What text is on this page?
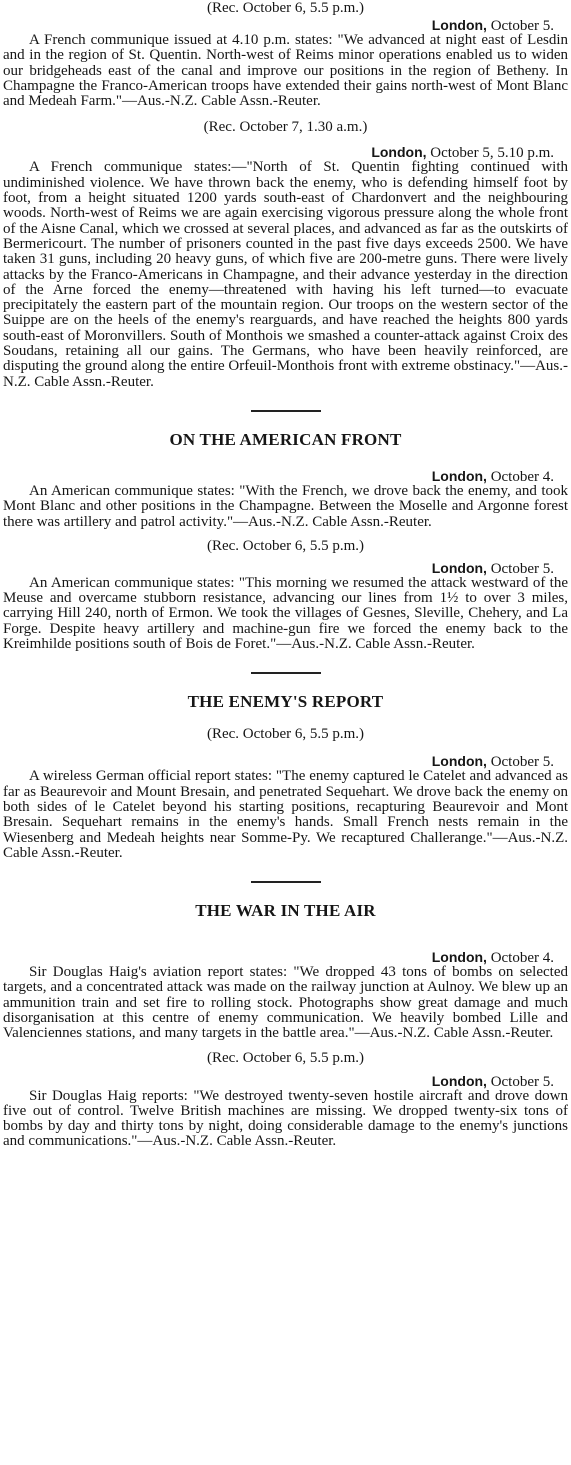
(Rec. October 6, 5.5 p.m.)
London, October 5.

A French communique issued at 4.10 p.m. states: "We advanced at night east of Lesdin and in the region of St. Quentin. North-west of Reims minor operations enabled us to widen our bridgeheads east of the canal and improve our positions in the region of Betheny. In Champagne the Franco-American troops have extended their gains north-west of Mont Blanc and Medeah Farm."—Aus.-N.Z. Cable Assn.-Reuter.

(Rec. October 7, 1.30 a.m.)
London, October 5, 5.10 p.m.

A French communique states:—"North of St. Quentin fighting continued with undiminished violence. We have thrown back the enemy, who is defending himself foot by foot, from a height situated 1200 yards south-east of Chardonvert and the neighbouring woods. North-west of Reims we are again exercising vigorous pressure along the whole front of the Aisne Canal, which we crossed at several places, and advanced as far as the outskirts of Bermericourt. The number of prisoners counted in the past five days exceeds 2500. We have taken 31 guns, including 20 heavy guns, of which five are 200-metre guns. There were lively attacks by the Franco-Americans in Champagne, and their advance yesterday in the direction of the Arne forced the enemy—threatened with having his left turned—to evacuate precipitately the eastern part of the mountain region. Our troops on the western sector of the Suippe are on the heels of the enemy's rearguards, and have reached the heights 800 yards south-east of Moronvillers. South of Monthois we smashed a counter-attack against Croix des Soudans, retaining all our gains. The Germans, who have been heavily reinforced, are disputing the ground along the entire Orfeuil-Monthois front with extreme obstinacy."—Aus.-N.Z. Cable Assn.-Reuter.

ON THE AMERICAN FRONT
London, October 4.

An American communique states: "With the French, we drove back the enemy, and took Mont Blanc and other positions in the Champagne. Between the Moselle and Argonne forest there was artillery and patrol activity."—Aus.-N.Z. Cable Assn.-Reuter.

(Rec. October 6, 5.5 p.m.)
London, October 5.

An American communique states: "This morning we resumed the attack westward of the Meuse and overcame stubborn resistance, advancing our lines from 1½ to over 3 miles, carrying Hill 240, north of Ermon. We took the villages of Gesnes, Sleville, Chehery, and La Forge. Despite heavy artillery and machine-gun fire we forced the enemy back to the Kreimhilde positions south of Bois de Foret."—Aus.-N.Z. Cable Assn.-Reuter.

THE ENEMY'S REPORT
(Rec. October 6, 5.5 p.m.)
London, October 5.

A wireless German official report states: "The enemy captured le Catelet and advanced as far as Beaurevoir and Mount Bresain, and penetrated Sequehart. We drove back the enemy on both sides of le Catelet beyond his starting positions, recapturing Beaurevoir and Mont Bresain. Sequehart remains in the enemy's hands. Small French nests remain in the Wiesenberg and Medeah heights near Somme-Py. We recaptured Challerange."—Aus.-N.Z. Cable Assn.-Reuter.

THE WAR IN THE AIR
London, October 4.

Sir Douglas Haig's aviation report states: "We dropped 43 tons of bombs on selected targets, and a concentrated attack was made on the railway junction at Aulnoy. We blew up an ammunition train and set fire to rolling stock. Photographs show great damage and much disorganisation at this centre of enemy communication. We heavily bombed Lille and Valenciennes stations, and many targets in the battle area."—Aus.-N.Z. Cable Assn.-Reuter.

(Rec. October 6, 5.5 p.m.)
London, October 5.

Sir Douglas Haig reports: "We destroyed twenty-seven hostile aircraft and drove down five out of control. Twelve British machines are missing. We dropped twenty-six tons of bombs by day and thirty tons by night, doing considerable damage to the enemy's junctions and communications."—Aus.-N.Z. Cable Assn.-Reuter.
